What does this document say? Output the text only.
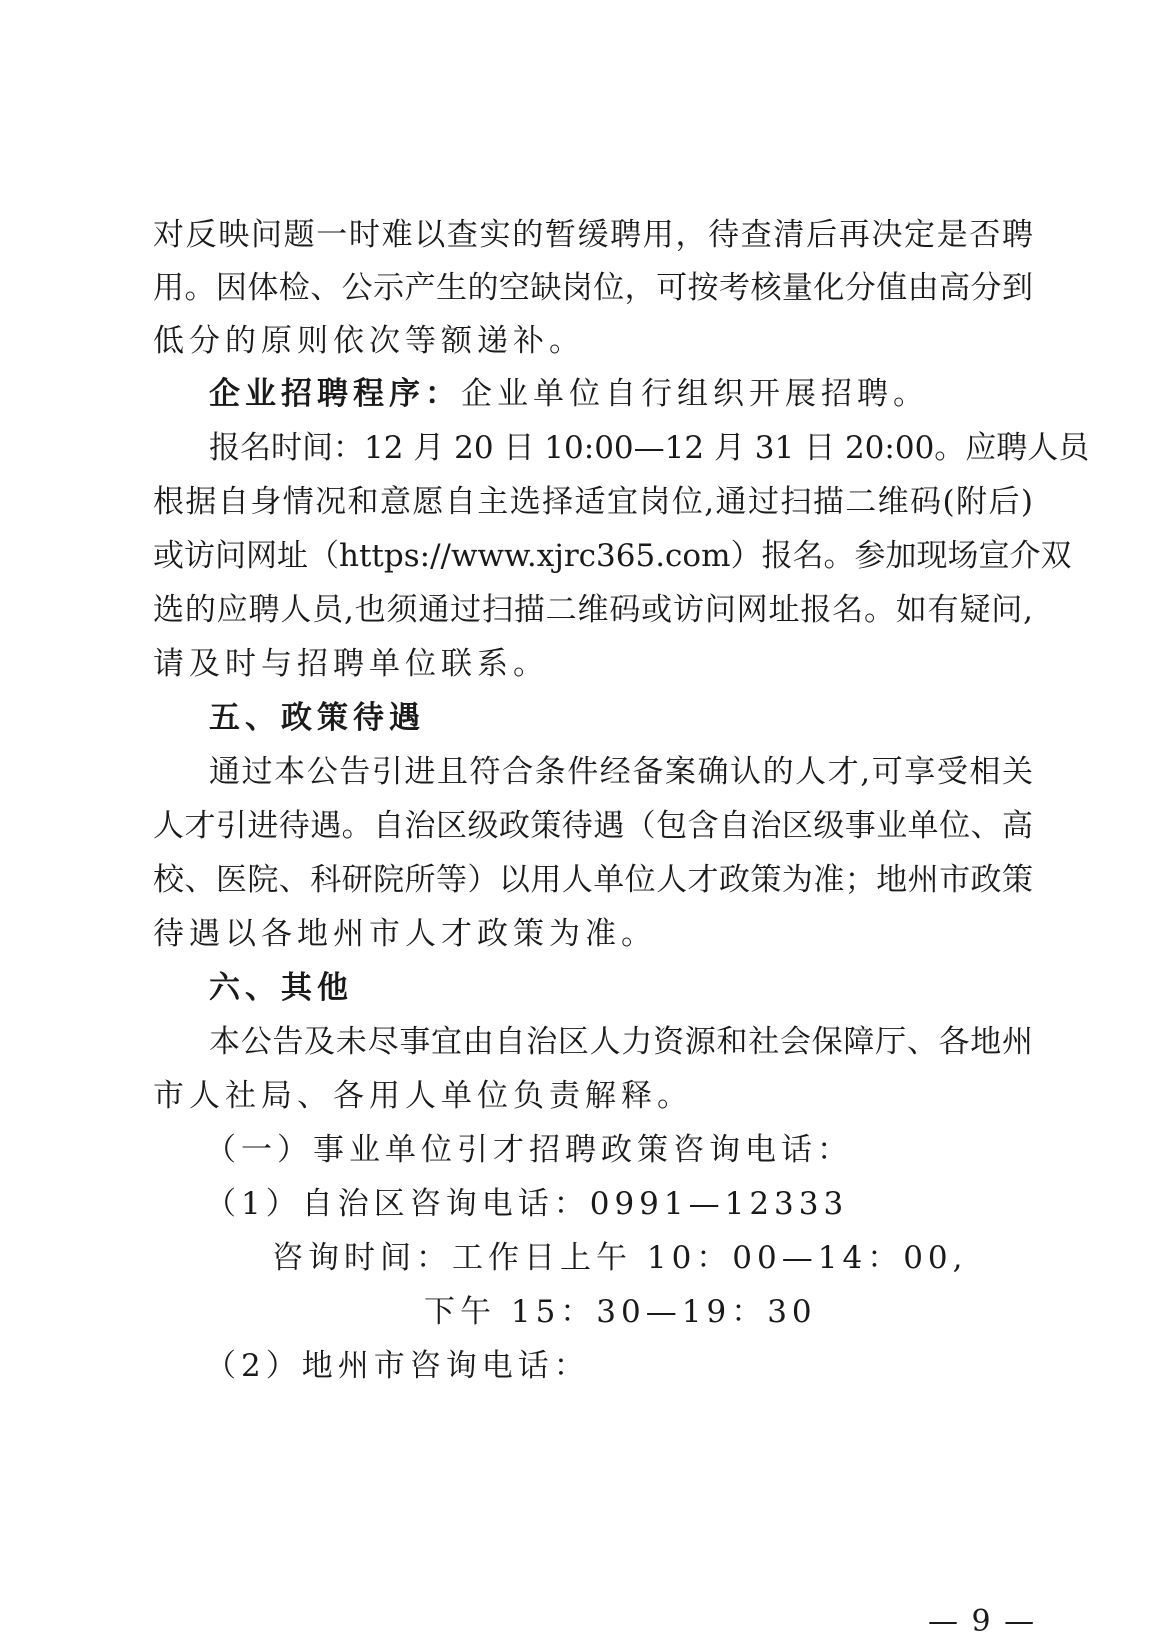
对反映问题一时难以查实的暂缓聘用，待查清后再决定是否聘
用。因体检、公示产生的空缺岗位，可按考核量化分值由高分到
低分的原则依次等额递补。
企业招聘程序：企业单位自行组织开展招聘。
报名时间：12 月 20 日 10:00—12 月 31 日 20:00。应聘人员
根据自身情况和意愿自主选择适宜岗位,通过扫描二维码(附后)
或访问网址（https://www.xjrc365.com）报名。参加现场宣介双
选的应聘人员,也须通过扫描二维码或访问网址报名。如有疑问,
请及时与招聘单位联系。
五、政策待遇
通过本公告引进且符合条件经备案确认的人才,可享受相关
人才引进待遇。自治区级政策待遇（包含自治区级事业单位、高
校、医院、科研院所等）以用人单位人才政策为准；地州市政策
待遇以各地州市人才政策为准。
六、其他
本公告及未尽事宜由自治区人力资源和社会保障厅、各地州
市人社局、各用人单位负责解释。
（一）事业单位引才招聘政策咨询电话：
（1）自治区咨询电话：0991—12333
咨询时间：工作日上午 10：00—14：00,
下午 15：30—19：30
（2）地州市咨询电话：
— 9 —
